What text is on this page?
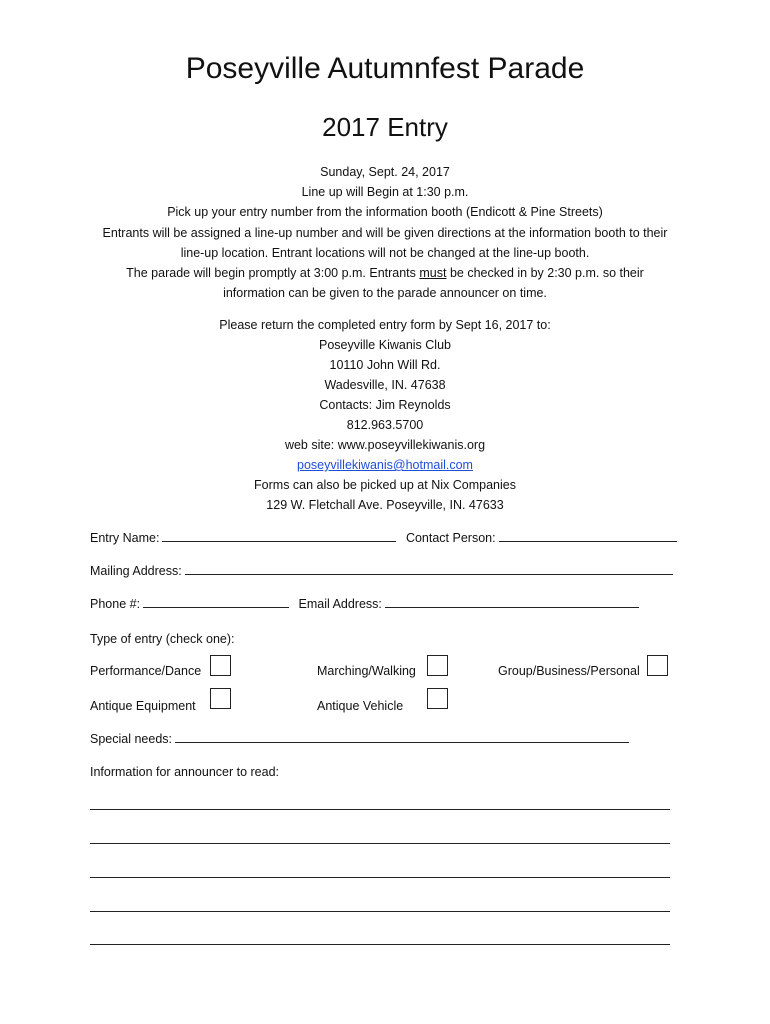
Poseyville Autumnfest Parade
2017 Entry
Sunday, Sept. 24, 2017
Line up will Begin at 1:30 p.m.
Pick up your entry number from the information booth (Endicott & Pine Streets)
Entrants will be assigned a line-up number and will be given directions at the information booth to their
line-up location. Entrant locations will not be changed at the line-up booth.
The parade will begin promptly at 3:00 p.m. Entrants must be checked in by 2:30 p.m. so their
information can be given to the parade announcer on time.
Please return the completed entry form by Sept 16, 2017 to:
Poseyville Kiwanis Club
10110 John Will Rd.
Wadesville, IN. 47638
Contacts: Jim Reynolds
812.963.5700
web site: www.poseyvillekiwanis.org
poseyvillekiwanis@hotmail.com
Forms can also be picked up at Nix Companies
129 W. Fletchall Ave. Poseyville, IN. 47633
Entry Name:	Contact Person:
Mailing Address:
Phone #:	Email Address:
Type of entry (check one):
Performance/Dance	Marching/Walking	Group/Business/Personal
Antique Equipment	Antique Vehicle
Special needs:
Information for announcer to read:
